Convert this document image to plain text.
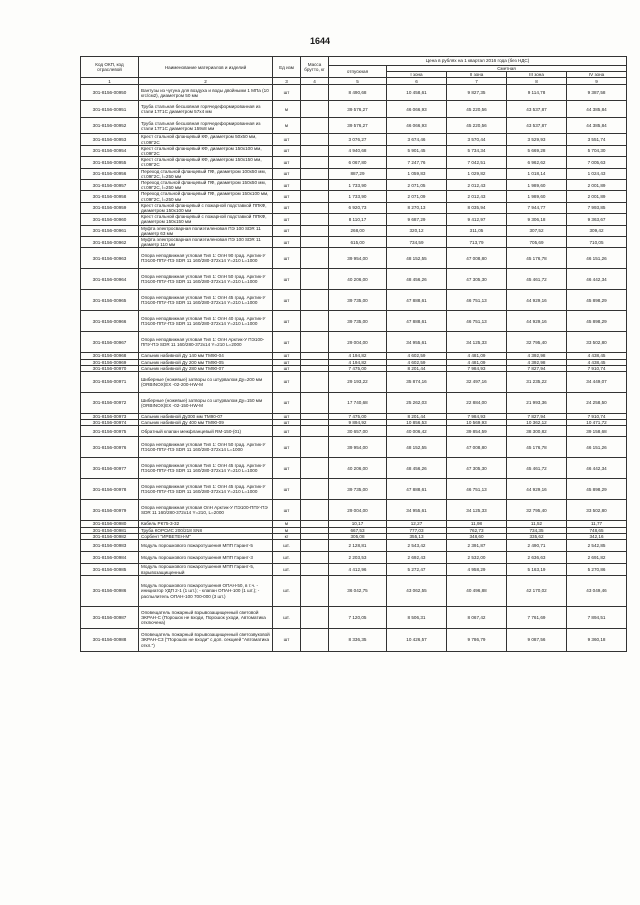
1644
Код ОКП, код отраслевой	Наименование материалов и изделий	Ед изм	Масса брутто, кг	Цена в рублях на 1 квартал 2016 года (без НДС)				
				отпускная	Сметная			
					I зона	II зона	III зона	IV зона
1	2	3	4	5	6	7	8	9
301-8156-00950	Вантузы из чугуна для воздуха и воды двойными 1 МПа (10 кгс/см2), диаметром 50 мм	шт		8 490,68	10 458,61	9 827,35	9 114,78	9 387,58
301-8156-00951	Труба стальная бесшовная горячедеформированная из стали 17Г1С диаметром 57х4 мм	м		39 576,27	46 066,93	45 220,56	43 537,87	44 385,84
301-8156-00952	Труба стальная бесшовная горячедеформированная из стали 17Г1С диаметром 159х8 мм	м		39 576,27	46 066,93	45 220,56	43 537,87	44 385,84
301-8156-00953	Крест стальной фланцевый КФ, диаметром 50х50 мм, ст.09Г2С	шт		3 076,27	3 674,46	3 570,44	3 529,93	3 551,74
301-8156-00954	Крест стальной фланцевый КФ, диаметром 150х100 мм, ст.09Г2С	шт		4 940,68	5 901,45	5 734,34	5 669,28	5 704,30
301-8156-00955	Крест стальной фланцевый КФ, диаметром 150х150 мм, ст.09Г2С	шт		6 067,80	7 247,76	7 042,51	6 962,62	7 005,63
301-8156-00956	Переход стальной фланцевый ПФ, диаметром 100х50 мм, ст.09Г2С, l=250 мм	шт		887,29	1 059,83	1 029,82	1 018,14	1 024,43
301-8156-00957	Переход стальной фланцевый ПФ, диаметром 150х50 мм, ст.09Г2С, l=250 мм	шт		1 733,90	2 071,05	2 012,43	1 989,60	2 001,89
301-8156-00958	Переход стальной фланцевый ПФ, диаметром 150х100 мм, ст.09Г2С, l=250 мм	шт		1 733,90	2 071,09	2 012,43	1 989,60	2 001,89
301-8156-00959	Крест стальной фланцевый с пожарной подставкой ППКФ, диаметром 150х100 мм	шт		6 920,73	8 270,13	8 035,94	7 944,77	7 993,85
301-8156-00960	Крест стальной фланцевый с пожарной подставкой ППКФ, диаметром 150х150 мм	шт		8 110,17	9 687,29	9 412,97	9 306,18	9 363,67
301-8156-00961	Муфта электросварная полиэтиленовая ПЭ 100 SDR 11 диаметр 63 мм	шт		268,00	320,12	311,05	307,52	309,42
301-8156-00962	Муфта электросварная полиэтиленовая ПЭ 100 SDR 11 диаметр 110 мм	шт		615,00	734,59	713,79	705,69	710,05
301-8156-00963	Опора неподвижная угловая Тип 1: ОпН 90 град. Арктик-У ПЭ100-ППУ-ПЭ SDR 11 160/280-372х14 Y=210 L=1000	шт		39 954,00	48 152,55	47 008,80	45 176,78	46 151,26
301-8156-00964	Опора неподвижная угловая Тип 1: ОпН 50 град. Арктик-У ПЭ100-ППУ-ПЭ SDR 11 160/280-372х14 Y=210 L=1000	шт		40 206,00	48 456,26	47 305,30	45 461,72	46 442,34
301-8156-00965	Опора неподвижная угловая Тип 1: ОпН 45 град. Арктик-У ПЭ100-ППУ-ПЭ SDR 11 160/280-372х14 Y=210 L=1000	шт		39 735,00	47 888,61	46 751,13	44 929,16	45 898,29
301-8156-00966	Опора неподвижная угловая Тип 1: ОпН 40 град. Арктик-У ПЭ100-ППУ-ПЭ SDR 11 160/280-372х14 Y=210 L=1000	шт		39 735,00	47 888,61	46 751,13	44 929,16	45 898,29
301-8156-00967	Опора неподвижная угловая Тип 1: ОпН Арктик-У ПЭ100-ППУ-ПЭ SDR 11 160/280-372х14 Y=210 L=2000	шт		29 004,00	34 955,61	34 125,33	32 795,40	33 502,80
301-8156-00968	Сальник набивной Ду 140 мм ТМ90-04	шт		4 194,82	4 602,59	4 481,09	4 392,98	4 438,45
301-8156-00969	Сальник набивной Ду 200 мм ТМ90-05	шт		4 194,82	4 602,59	4 481,09	4 392,98	4 438,45
301-8156-00970	Сальник набивной Ду 280 мм ТМ90-07	шт		7 475,00	8 201,44	7 984,93	7 827,94	7 910,74
301-8156-00971	Шиберные (ножевые) затворы со штурвалом Ду=200 мм (ORBINOX)EX -02-200-НW-М	шт		29 193,22	35 874,16	32 497,16	31 235,22	34 449,07
301-8156-00972	Шиберные (ножевые) затворы со штурвалом Ду=150 мм (ORBINOX)EX -02-150-НW-М	шт		17 740,68	25 262,03	22 884,00	21 993,36	24 258,50
301-8156-00973	Сальник набивной Ду300 мм ТМ90-07	шт		7 475,00	8 201,44	7 984,93	7 827,94	7 910,74
301-8156-00974	Сальник набивной Ду 400 мм ТМ90-09	шт		9 894,92	10 856,53	10 569,93	10 362,12	10 471,72
301-8156-00975	Обратный клапан межфланцевый RM-150-(01)	шт		30 657,00	40 006,42	39 854,59	38 300,82	39 158,68
301-8156-00976	Опора неподвижная угловая Тип 1: ОпН 50 град. Арктик-У ПЭ100-ППУ-ПЭ SDR 11 160/280-372х14 L=1000	шт		39 954,00	48 152,55	47 008,80	45 176,78	46 151,26
301-8156-00977	Опора неподвижная угловая Тип 1: ОпН 45 град. Арктик-У ПЭ100-ППУ-ПЭ SDR 11 160/280-372х14 Y=210 L=1000	шт		40 206,00	48 456,26	47 305,30	45 461,72	46 442,34
301-8156-00978	Опора неподвижная угловая Тип 1: ОпН 45 град. Арктик-У ПЭ100-ППУ-ПЭ SDR 11 160/280-372х14 Y=210 L=1000	шт		39 735,00	47 888,61	46 751,13	44 929,16	45 898,29
301-8156-00979	Опора неподвижная угловая ОпН Арктик-У ПЭ100-ППУ-ПЭ SDR 11 160/280-372х14 Y=210, L=2000	шт		29 004,00	34 955,61	34 125,33	32 795,40	33 502,80
301-8156-00980	Кабель РК75-3-32	м		10,17	12,27	11,98	11,52	11,77
301-8156-00981	Труба КОРСИС 200/218 SN8	м		667,53	777,03	762,73	734,35	748,65
301-8156-00982	Сорбент "ИРВЕТЕН-М"	кг		305,08	355,13	348,60	335,62	342,16
301-8156-00983	Модуль порошкового пожаротушения МПП Гарант-5	шт.		2 128,81	2 543,42	2 391,87	2 490,71	2 542,85
301-8156-00984	Модуль порошкового пожаротушения МПП Гарант-3	шт.		2 203,53	2 692,43	2 532,00	2 636,63	2 691,82
301-8156-00985	Модуль порошкового пожаротушения МПП Гарант-5, взрывозащищенный	шт.		4 412,96	5 272,47	4 958,29	5 163,19	5 270,86
301-8156-00986	Модуль порошкового пожаротушения ОПАН-50, в т.ч. - инициатор УДП 2-1 (1 шт.); - клапан ОПАН-100 (1 шт.); - распылитель ОПАН-100 700-000 (3 шт.)	шт.		36 042,75	43 062,55	40 496,88	42 170,02	43 049,46
301-8156-00987	Оповещатель пожарный взрывозащищенный световой ЭКРАН-С (Порошок не входи, Порошок уходи, Автоматика отключена)	шт.		7 120,05	8 506,31	8 067,42	7 761,69	7 894,51
301-8156-00988	Оповещатель пожарный взрывозащищенный светозвуковой ЭКРАН-С3 ("Порошок не входи" с доп. секцией "Автоматика откл.")	шт		8 336,35	10 426,57	9 786,79	9 087,56	9 360,18
